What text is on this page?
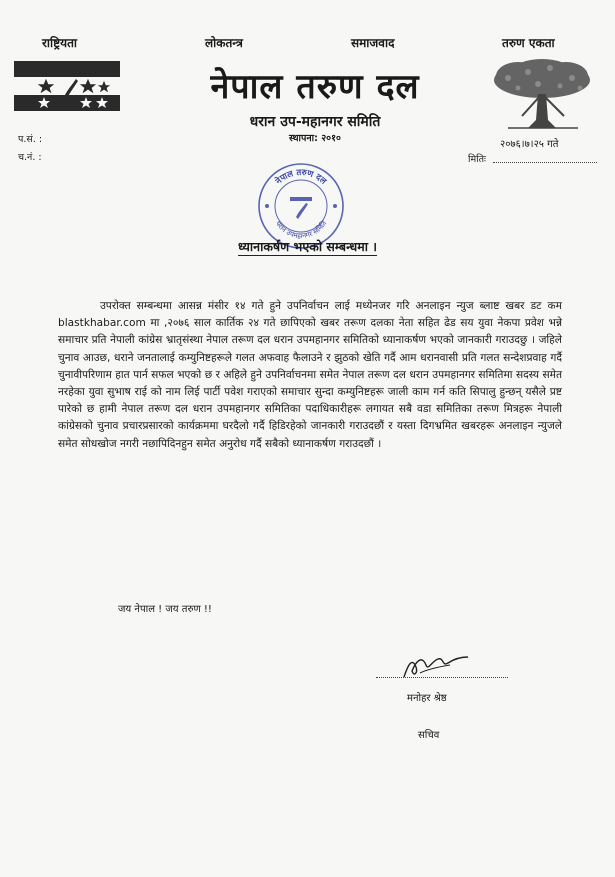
राष्ट्रियता	लोकतन्त्र	समाजवाद	तरुण एकता
नेपाल तरुण दल
धरान उप-महानगर समिति
स्थापना: २०१०
प.सं. :
च.नं. :
२०७६।७।२५ गते
मितिः
नेपाल तरुण दल
धरान उपमहानगर समिति
ध्यानाकर्षण भएको सम्बन्धमा ।

उपरोक्त सम्बन्धमा आसन्न मंसीर १४ गते हुने उपनिर्वाचन लाई मध्येनजर गरि अनलाइन न्युज ब्लाष्ट खबर डट कम blastkhabar.com मा ,२०७६ साल कार्तिक २४ गते छापिएको खबर तरूण दलका नेता सहित ढेड सय युवा नेकपा प्रवेश भन्ने समाचार प्रति नेपाली कांग्रेस भ्रातृसंस्था नेपाल तरूण दल धरान उपमहानगर समितिको ध्यानाकर्षण भएको जानकारी गराउदछु । जहिले चुनाव आउछ, धराने जनतालाई कम्युनिष्टहरूले गलत अफवाह फैलाउने र झुठको खेति गर्दै आम धरानवासी प्रति गलत सन्देशप्रवाह गर्दै चुनावीपरिणाम हात पार्न सफल भएको छ र अहिले हुने उपनिर्वाचनमा समेत नेपाल तरूण दल धरान उपमहानगर समितिमा सदस्य समेत नरहेका युवा सुभाष राई को नाम लिई पार्टी पवेश गराएको समाचार सुन्दा कम्युनिष्टहरू जाली काम गर्न कति सिपालु हुन्छन् यसैले प्रष्ट पारेको छ हामी नेपाल तरूण दल धरान उपमहानगर समितिका पदाधिकारीहरू लगायत सबै वडा समितिका तरूण मित्रहरू नेपाली कांग्रेसको चुनाव प्रचारप्रसारको कार्यक्रममा घरदैलो गर्दै हिडिरहेको जानकारी गराउदछौं र यस्ता दिगभ्रमित खबरहरू अनलाइन न्युजले समेत सोधखोज नगरी नछापिदिनहुन समेत अनुरोध गर्दै सबैको ध्यानाकर्षण गराउदछौं ।

जय नेपाल ! जय तरुण !!
मनोहर श्रेष्ठ
सचिव
